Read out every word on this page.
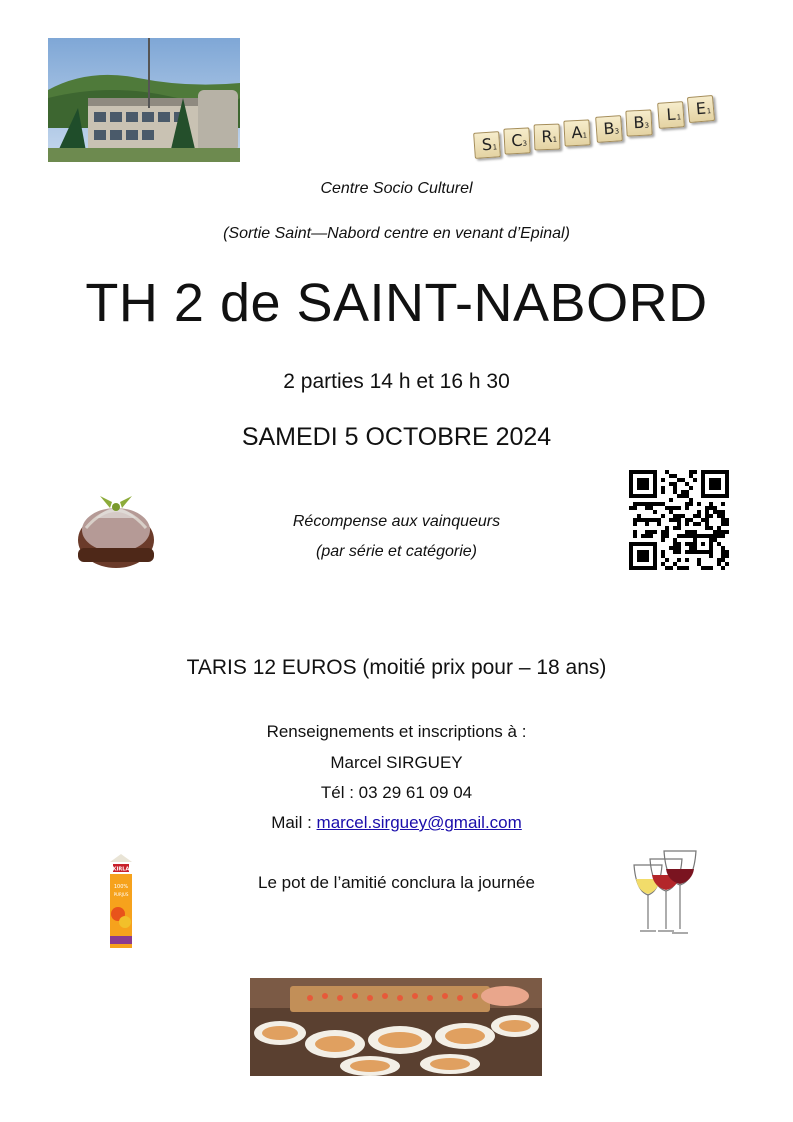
S 1 C 3 R 1 A 1 B 3 B 3
L 1 E 1
Centre Socio Culturel
(Sortie Saint—Nabord centre en venant d’Epinal)
TH 2 de SAINT-NABORD
2 parties 14 h et 16 h 30
SAMEDI 5 OCTOBRE 2024
Récompense aux vainqueurs
(par série et catégorie)
TARIS 12 EUROS (moitié prix pour – 18 ans)
Renseignements et inscriptions à :
Marcel SIRGUEY
Tél : 03 29 61 09 04
Mail : marcel.sirguey@gmail.com
KIRLA
100%
PURJUS
Le pot de l’amitié conclura la journée
